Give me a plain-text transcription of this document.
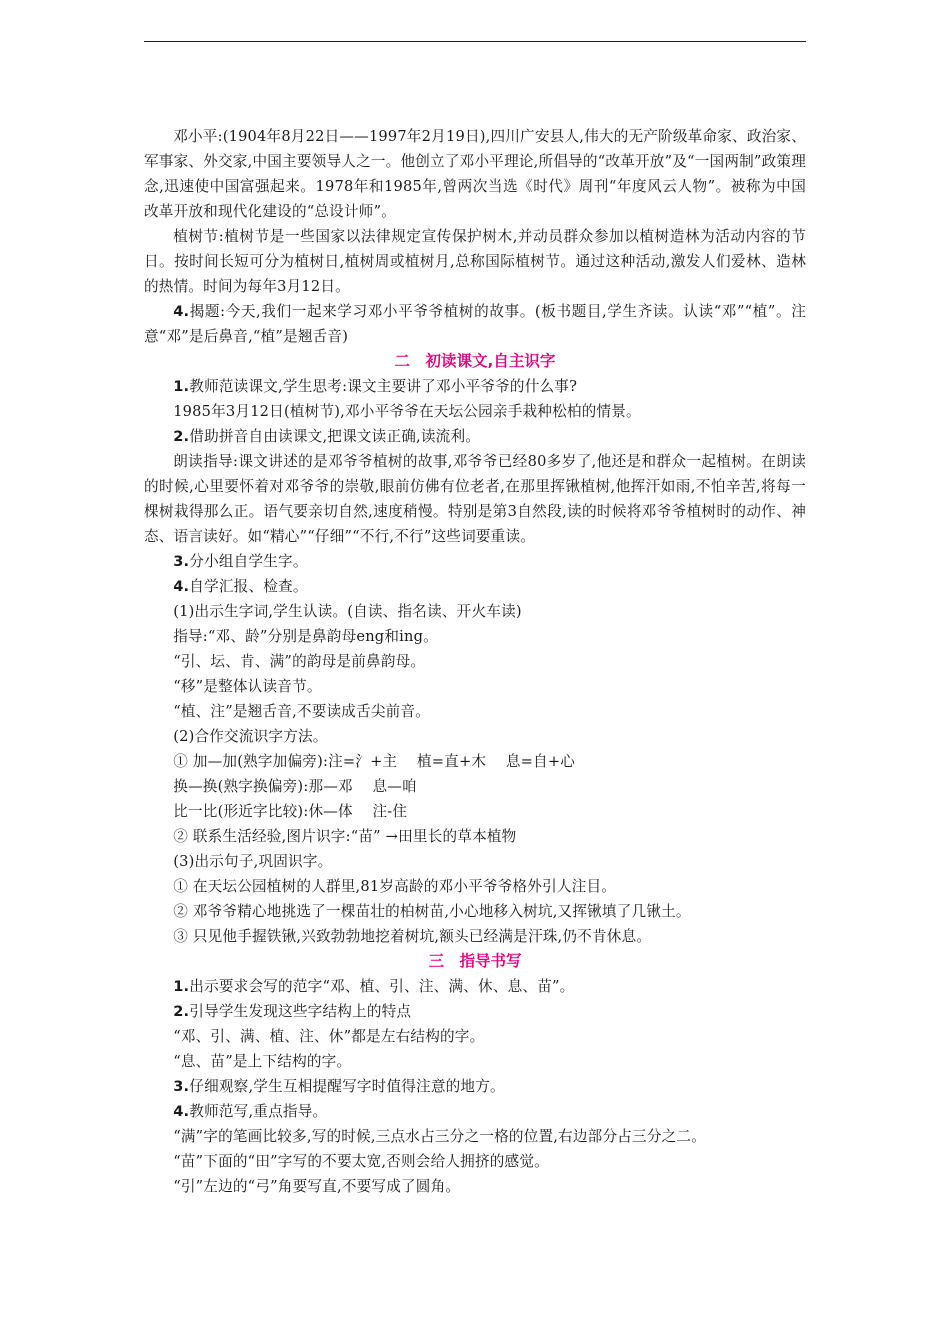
邓小平:(1904年8月22日——1997年2月19日),四川广安县人,伟大的无产阶级革命家、政治家、军事家、外交家,中国主要领导人之一。他创立了邓小平理论,所倡导的“改革开放”及“一国两制”政策理念,迅速使中国富强起来。1978年和1985年,曾两次当选《时代》周刊“年度风云人物”。被称为中国改革开放和现代化建设的“总设计师”。

植树节:植树节是一些国家以法律规定宣传保护树木,并动员群众参加以植树造林为活动内容的节日。按时间长短可分为植树日,植树周或植树月,总称国际植树节。通过这种活动,激发人们爱林、造林的热情。时间为每年3月12日。

4.揭题:今天,我们一起来学习邓小平爷爷植树的故事。(板书题目,学生齐读。认读“邓”“植”。注意“邓”是后鼻音,“植”是翘舌音)

二　初读课文,自主识字

1.教师范读课文,学生思考:课文主要讲了邓小平爷爷的什么事?

1985年3月12日(植树节),邓小平爷爷在天坛公园亲手栽种松柏的情景。

2.借助拼音自由读课文,把课文读正确,读流利。

朗读指导:课文讲述的是邓爷爷植树的故事,邓爷爷已经80多岁了,他还是和群众一起植树。在朗读的时候,心里要怀着对邓爷爷的崇敬,眼前仿佛有位老者,在那里挥锹植树,他挥汗如雨,不怕辛苦,将每一棵树栽得那么正。语气要亲切自然,速度稍慢。特别是第3自然段,读的时候将邓爷爷植树时的动作、神态、语言读好。如“精心”“仔细”“不行,不行”这些词要重读。

3.分小组自学生字。

4.自学汇报、检查。

(1)出示生字词,学生认读。(自读、指名读、开火车读)

指导:“邓、龄”分别是鼻韵母eng和ing。

“引、坛、肯、满”的韵母是前鼻韵母。

“移”是整体认读音节。

“植、注”是翘舌音,不要读成舌尖前音。

(2)合作交流识字方法。

① 加—加(熟字加偏旁):注=氵+主　 植=直+木　 息=自+心

换—换(熟字换偏旁):那—邓　 息—咱

比一比(形近字比较):休—体　 注-住

② 联系生活经验,图片识字:“苗” →田里长的草本植物

(3)出示句子,巩固识字。

① 在天坛公园植树的人群里,81岁高龄的邓小平爷爷格外引人注目。

② 邓爷爷精心地挑选了一棵苗壮的柏树苗,小心地移入树坑,又挥锹填了几锹土。

③ 只见他手握铁锹,兴致勃勃地挖着树坑,额头已经满是汗珠,仍不肯休息。

三　指导书写

1.出示要求会写的范字“邓、植、引、注、满、休、息、苗”。

2.引导学生发现这些字结构上的特点

“邓、引、满、植、注、休”都是左右结构的字。

“息、苗”是上下结构的字。

3.仔细观察,学生互相提醒写字时值得注意的地方。

4.教师范写,重点指导。

“满”字的笔画比较多,写的时候,三点水占三分之一格的位置,右边部分占三分之二。

“苗”下面的“田”字写的不要太宽,否则会给人拥挤的感觉。

“引”左边的“弓”角要写直,不要写成了圆角。
